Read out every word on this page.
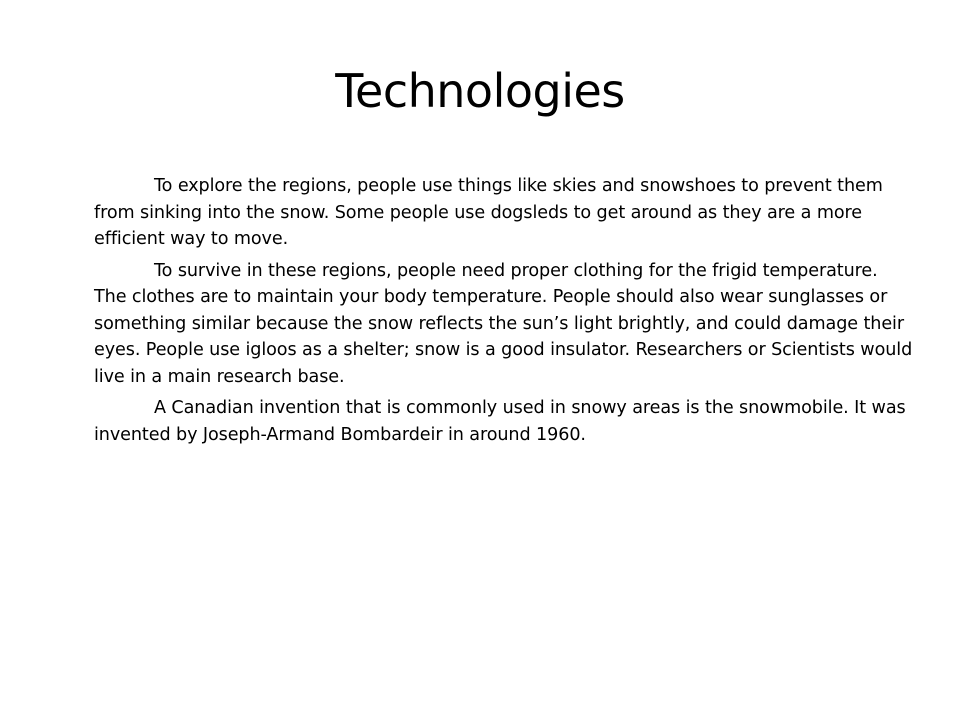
Technologies

To explore the regions, people use things like skies and snowshoes to prevent them from sinking into the snow. Some people use dogsleds to get around as they are a more efficient way to move.

To survive in these regions, people need proper clothing for the frigid temperature. The clothes are to maintain your body temperature. People should also wear sunglasses or something similar because the snow reflects the sun’s light brightly, and could damage their eyes. People use igloos as a shelter; snow is a good insulator. Researchers or Scientists would live in a main research base.

A Canadian invention that is commonly used in snowy areas is the snowmobile. It was invented by Joseph-Armand Bombardeir in around 1960.
